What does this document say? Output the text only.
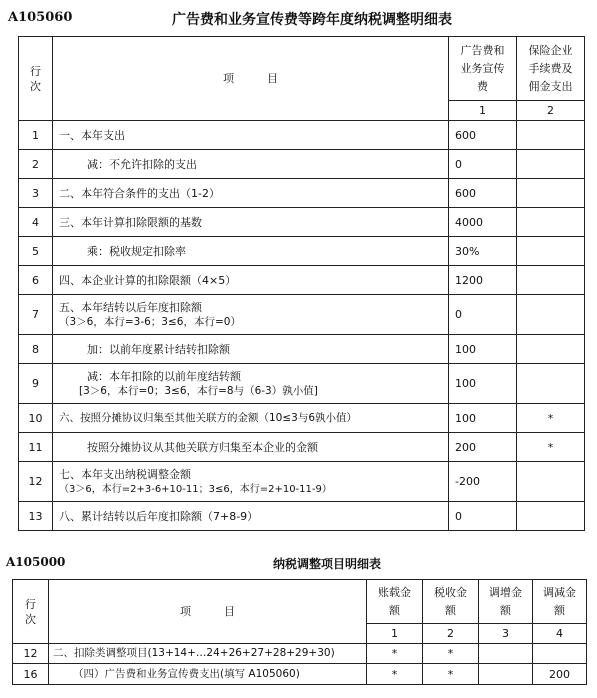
A105060	广告费和业务宣传费等跨年度纳税调整明细表
行
次	项　　　目	广告费和
业务宣传
费	保险企业
手续费及
佣金支出
		1	2
1	一、本年支出	600	
2	减：不允许扣除的支出	0	
3	二、本年符合条件的支出（1-2）	600	
4	三、本年计算扣除限额的基数	4000	
5	乘：税收规定扣除率	30%	
6	四、本企业计算的扣除限额（4×5）	1200	
7	五、本年结转以后年度扣除额
（3＞6，本行=3-6；3≤6，本行=0）	0	
8	加：以前年度累计结转扣除额	100	
9	减：本年扣除的以前年度结转额
[3＞6，本行=0；3≤6，本行=8与（6-3）孰小值]	100	
10	六、按照分摊协议归集至其他关联方的金额（10≤3与6孰小值）	100	*
11	按照分摊协议从其他关联方归集至本企业的金额	200	*
12	七、本年支出纳税调整金额
（3＞6，本行=2+3-6+10-11；3≤6，本行=2+10-11-9）	-200	
13	八、累计结转以后年度扣除额（7+8-9）	0	
A105000	纳税调整项目明细表
行
次	项　　　目	账载金
额	税收金
额	调增金
额	调减金
额
		1	2	3	4
12	二、扣除类调整项目(13+14+…24+26+27+28+29+30)	*	*		
16	（四）广告费和业务宣传费支出(填写 A105060)	*	*		200
